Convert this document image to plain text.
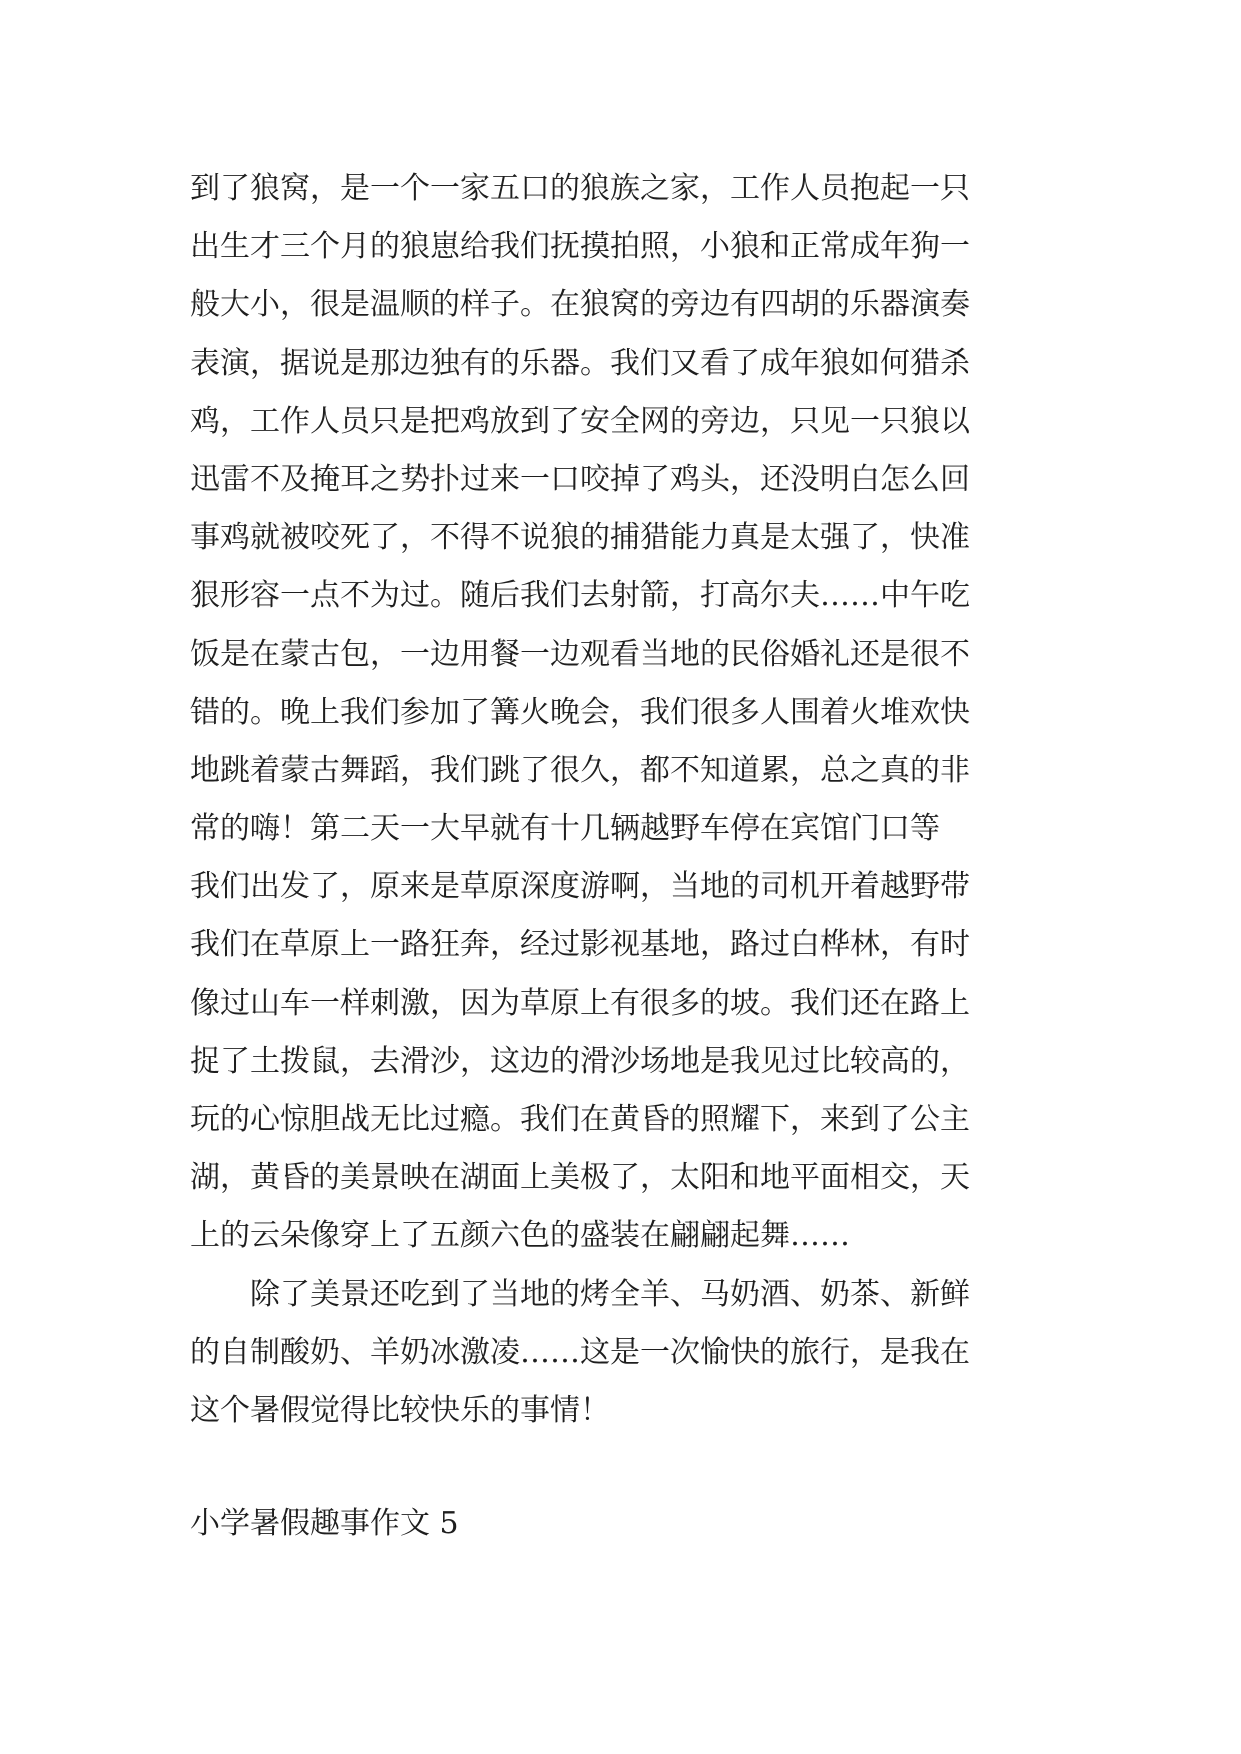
到了狼窝，是一个一家五口的狼族之家，工作人员抱起一只
出生才三个月的狼崽给我们抚摸拍照，小狼和正常成年狗一
般大小，很是温顺的样子。在狼窝的旁边有四胡的乐器演奏
表演，据说是那边独有的乐器。我们又看了成年狼如何猎杀
鸡，工作人员只是把鸡放到了安全网的旁边，只见一只狼以
迅雷不及掩耳之势扑过来一口咬掉了鸡头，还没明白怎么回
事鸡就被咬死了，不得不说狼的捕猎能力真是太强了，快准
狠形容一点不为过。随后我们去射箭，打高尔夫……中午吃
饭是在蒙古包，一边用餐一边观看当地的民俗婚礼还是很不
错的。晚上我们参加了篝火晚会，我们很多人围着火堆欢快
地跳着蒙古舞蹈，我们跳了很久，都不知道累，总之真的非
常的嗨！第二天一大早就有十几辆越野车停在宾馆门口等
我们出发了，原来是草原深度游啊，当地的司机开着越野带
我们在草原上一路狂奔，经过影视基地，路过白桦林，有时
像过山车一样刺激，因为草原上有很多的坡。我们还在路上
捉了土拨鼠，去滑沙，这边的滑沙场地是我见过比较高的，
玩的心惊胆战无比过瘾。我们在黄昏的照耀下，来到了公主
湖，黄昏的美景映在湖面上美极了，太阳和地平面相交，天
上的云朵像穿上了五颜六色的盛装在翩翩起舞……
除了美景还吃到了当地的烤全羊、马奶酒、奶茶、新鲜
的自制酸奶、羊奶冰激凌……这是一次愉快的旅行，是我在
这个暑假觉得比较快乐的事情！
小学暑假趣事作文 5
